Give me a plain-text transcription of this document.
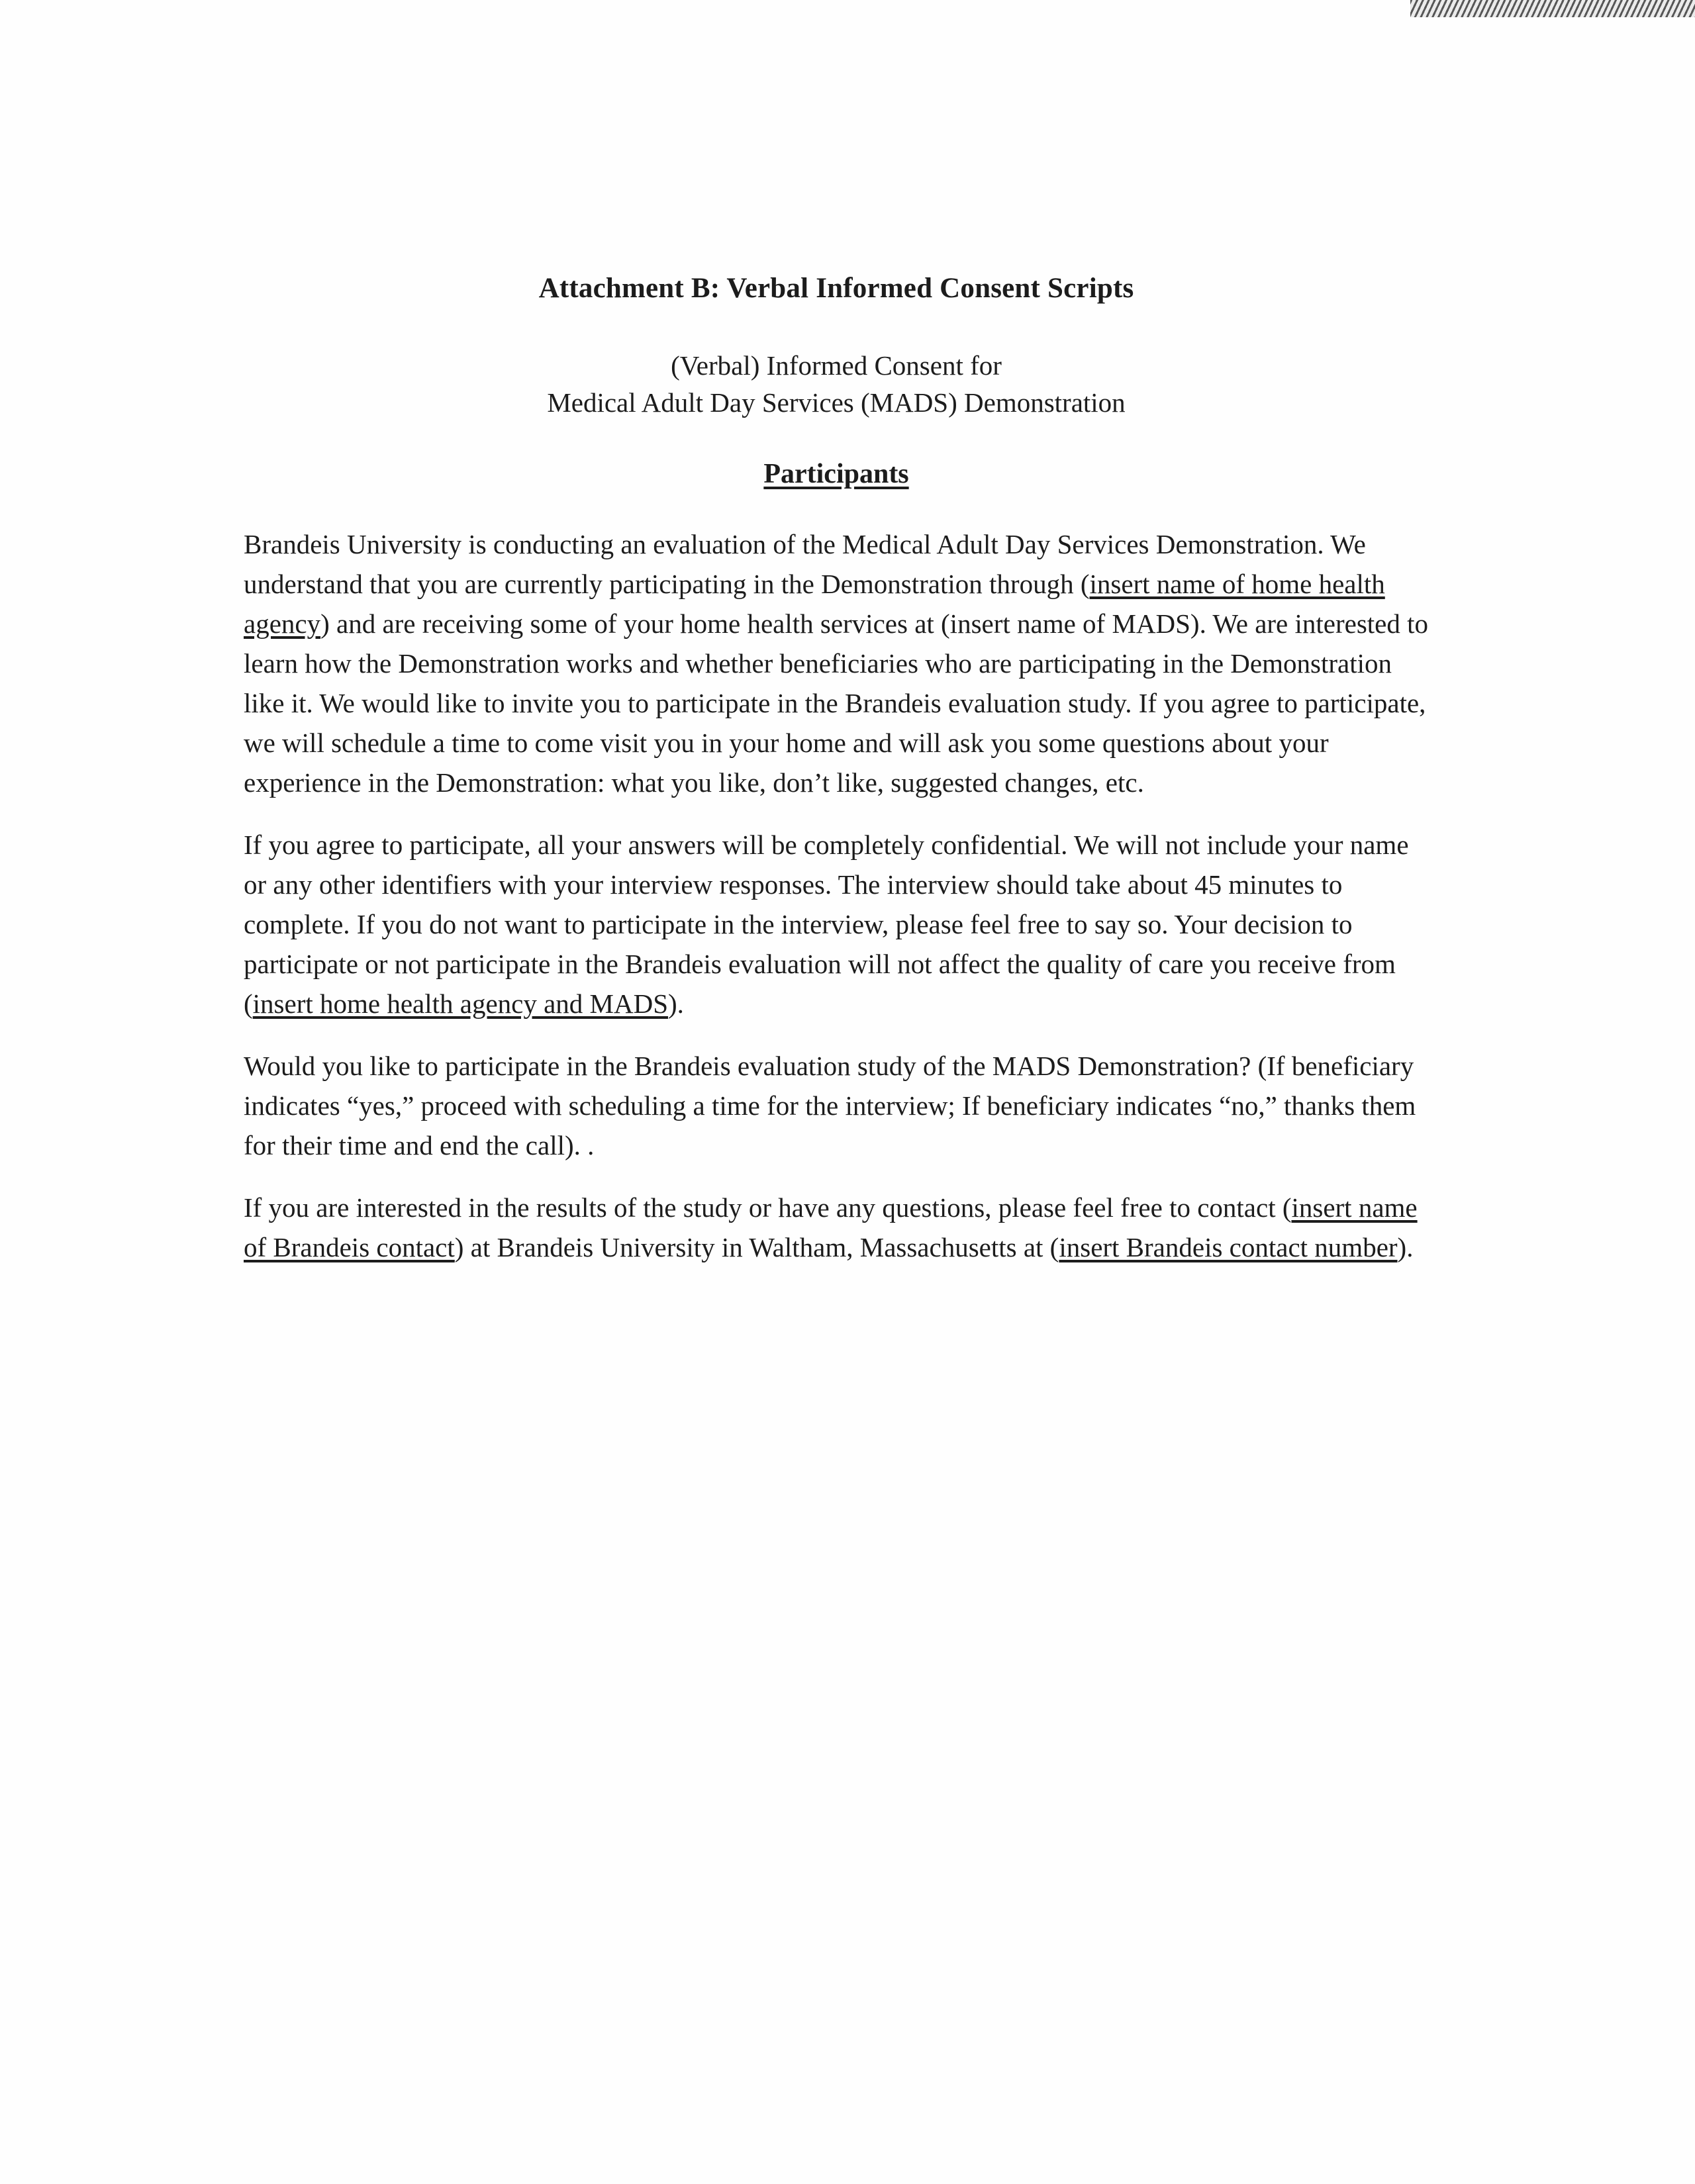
Attachment B: Verbal Informed Consent Scripts
(Verbal) Informed Consent for
Medical Adult Day Services (MADS) Demonstration
Participants

Brandeis University is conducting an evaluation of the Medical Adult Day Services Demonstration. We understand that you are currently participating in the Demonstration through (insert name of home health agency) and are receiving some of your home health services at (insert name of MADS). We are interested to learn how the Demonstration works and whether beneficiaries who are participating in the Demonstration like it. We would like to invite you to participate in the Brandeis evaluation study. If you agree to participate, we will schedule a time to come visit you in your home and will ask you some questions about your experience in the Demonstration: what you like, don’t like, suggested changes, etc.

If you agree to participate, all your answers will be completely confidential. We will not include your name or any other identifiers with your interview responses. The interview should take about 45 minutes to complete. If you do not want to participate in the interview, please feel free to say so. Your decision to participate or not participate in the Brandeis evaluation will not affect the quality of care you receive from (insert home health agency and MADS).

Would you like to participate in the Brandeis evaluation study of the MADS Demonstration? (If beneficiary indicates “yes,” proceed with scheduling a time for the interview; If beneficiary indicates “no,” thanks them for their time and end the call). .

If you are interested in the results of the study or have any questions, please feel free to contact (insert name of Brandeis contact) at Brandeis University in Waltham, Massachusetts at (insert Brandeis contact number).
